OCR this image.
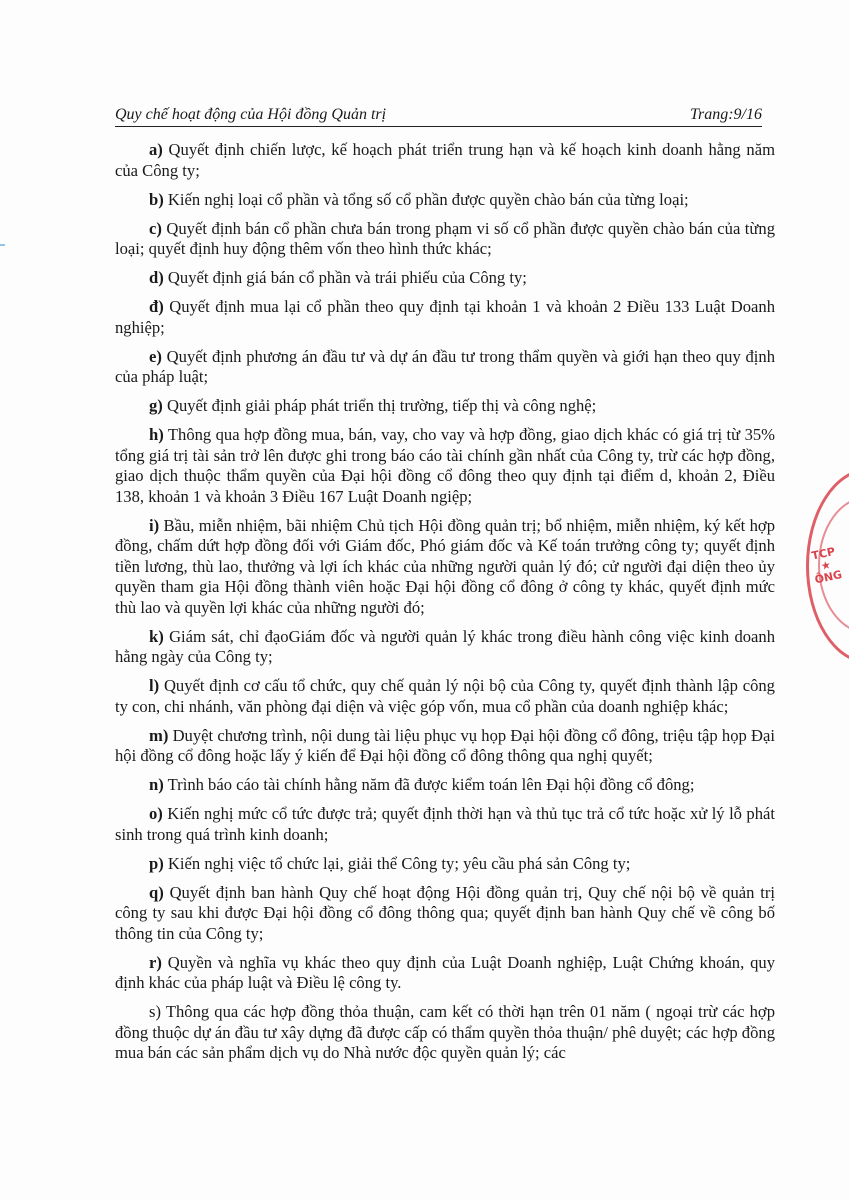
Quy chế hoạt động của Hội đồng Quản trị	Trang:9/16

a) Quyết định chiến lược, kế hoạch phát triển trung hạn và kế hoạch kinh doanh hằng năm của Công ty;

b) Kiến nghị loại cổ phần và tổng số cổ phần được quyền chào bán của từng loại;

c) Quyết định bán cổ phần chưa bán trong phạm vi số cổ phần được quyền chào bán của từng loại; quyết định huy động thêm vốn theo hình thức khác;

d) Quyết định giá bán cổ phần và trái phiếu của Công ty;

đ) Quyết định mua lại cổ phần theo quy định tại khoản 1 và khoản 2 Điều 133 Luật Doanh nghiệp;

e) Quyết định phương án đầu tư và dự án đầu tư trong thẩm quyền và giới hạn theo quy định của pháp luật;

g) Quyết định giải pháp phát triển thị trường, tiếp thị và công nghệ;

h) Thông qua hợp đồng mua, bán, vay, cho vay và hợp đồng, giao dịch khác có giá trị từ 35% tổng giá trị tài sản trở lên được ghi trong báo cáo tài chính gần nhất của Công ty, trừ các hợp đồng, giao dịch thuộc thẩm quyền của Đại hội đồng cổ đông theo quy định tại điểm d, khoản 2, Điều 138, khoản 1 và khoản 3 Điều 167 Luật Doanh ngiệp;

i) Bầu, miễn nhiệm, bãi nhiệm Chủ tịch Hội đồng quản trị; bổ nhiệm, miễn nhiệm, ký kết hợp đồng, chấm dứt hợp đồng đối với Giám đốc, Phó giám đốc và Kế toán trưởng công ty; quyết định tiền lương, thù lao, thưởng và lợi ích khác của những người quản lý đó; cử người đại diện theo ủy quyền tham gia Hội đồng thành viên hoặc Đại hội đồng cổ đông ở công ty khác, quyết định mức thù lao và quyền lợi khác của những người đó;

k) Giám sát, chỉ đạoGiám đốc và người quản lý khác trong điều hành công việc kinh doanh hằng ngày của Công ty;

l) Quyết định cơ cấu tổ chức, quy chế quản lý nội bộ của Công ty, quyết định thành lập công ty con, chi nhánh, văn phòng đại diện và việc góp vốn, mua cổ phần của doanh nghiệp khác;

m) Duyệt chương trình, nội dung tài liệu phục vụ họp Đại hội đồng cổ đông, triệu tập họp Đại hội đồng cổ đông hoặc lấy ý kiến để Đại hội đồng cổ đông thông qua nghị quyết;

n) Trình báo cáo tài chính hằng năm đã được kiểm toán lên Đại hội đồng cổ đông;

o) Kiến nghị mức cổ tức được trả; quyết định thời hạn và thủ tục trả cổ tức hoặc xử lý lỗ phát sinh trong quá trình kinh doanh;

p) Kiến nghị việc tổ chức lại, giải thể Công ty; yêu cầu phá sản Công ty;

q) Quyết định ban hành Quy chế hoạt động Hội đồng quản trị, Quy chế nội bộ về quản trị công ty sau khi được Đại hội đồng cổ đông thông qua; quyết định ban hành Quy chế về công bố thông tin của Công ty;

r) Quyền và nghĩa vụ khác theo quy định của Luật Doanh nghiệp, Luật Chứng khoán, quy định khác của pháp luật và Điều lệ công ty.

s) Thông qua các hợp đồng thỏa thuận, cam kết có thời hạn trên 01 năm ( ngoại trừ các hợp đồng thuộc dự án đầu tư xây dựng đã được cấp có thẩm quyền thỏa thuận/ phê duyệt; các hợp đồng mua bán các sản phẩm dịch vụ do Nhà nước độc quyền quản lý; các

TCP ★ ÔNG
